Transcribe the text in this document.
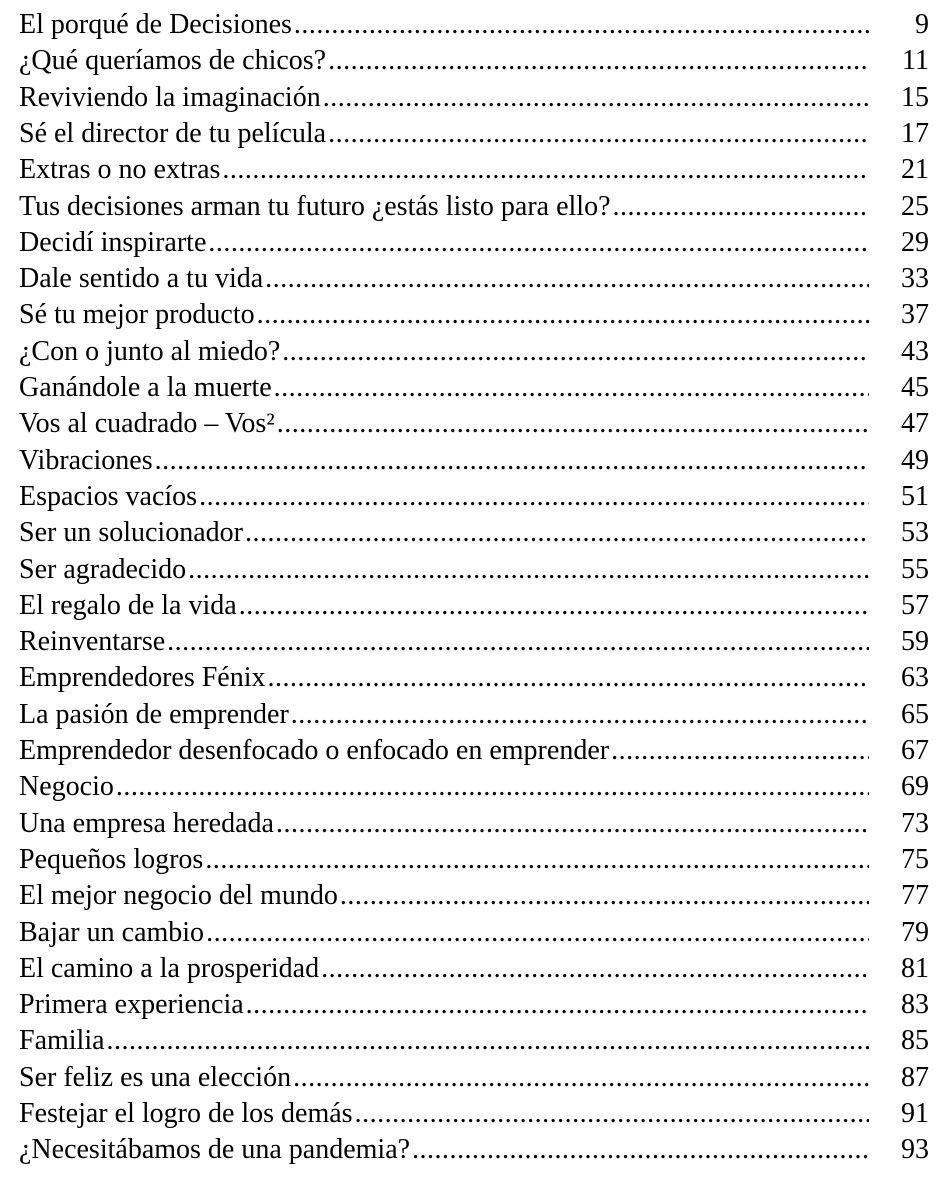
El porqué de Decisiones .....	9
¿Qué queríamos de chicos? .....	11
Reviviendo la imaginación .....	15
Sé el director de tu película .....	17
Extras o no extras .....	21
Tus decisiones arman tu futuro ¿estás listo para ello? .....	25
Decidí inspirarte .....	29
Dale sentido a tu vida .....	33
Sé tu mejor producto .....	37
¿Con o junto al miedo? .....	43
Ganándole a la muerte .....	45
Vos al cuadrado – Vos² .....	47
Vibraciones .....	49
Espacios vacíos .....	51
Ser un solucionador .....	53
Ser agradecido .....	55
El regalo de la vida .....	57
Reinventarse .....	59
Emprendedores Fénix .....	63
La pasión de emprender .....	65
Emprendedor desenfocado o enfocado en emprender .....	67
Negocio .....	69
Una empresa heredada .....	73
Pequeños logros .....	75
El mejor negocio del mundo .....	77
Bajar un cambio .....	79
El camino a la prosperidad .....	81
Primera experiencia .....	83
Familia .....	85
Ser feliz es una elección .....	87
Festejar el logro de los demás .....	91
¿Necesitábamos de una pandemia? .....	93
